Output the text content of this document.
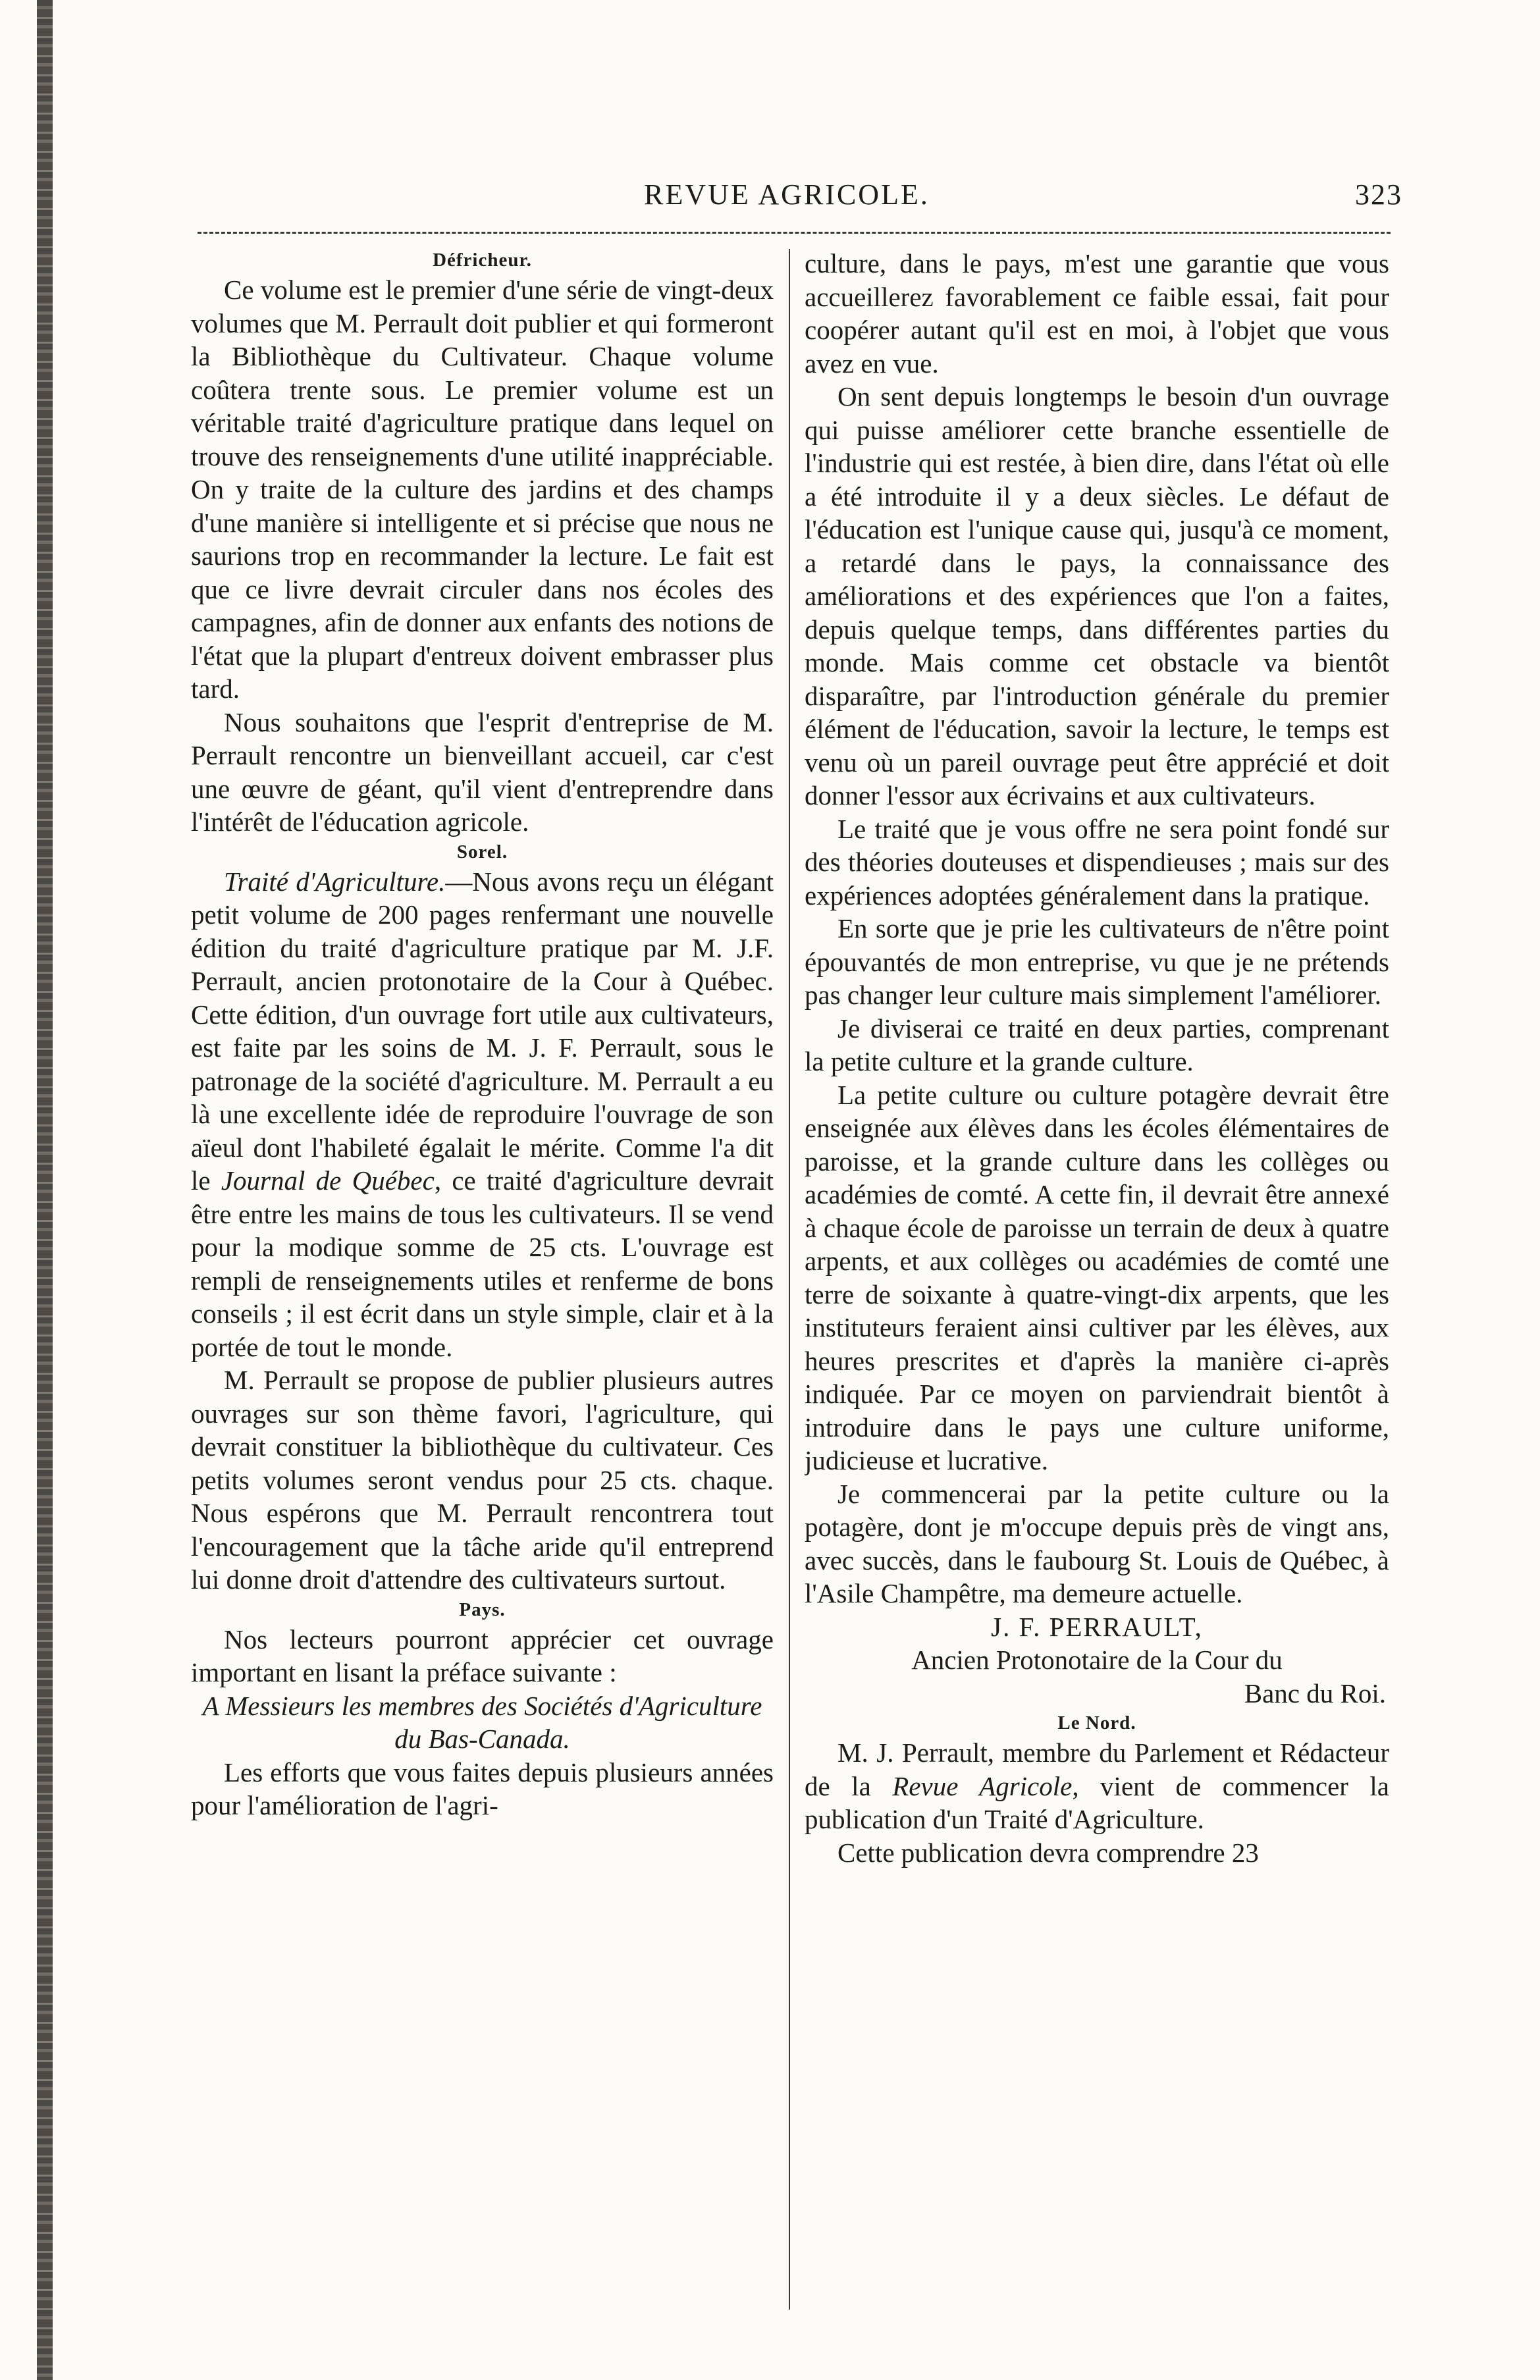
REVUE AGRICOLE.	323
Défricheur.

Ce volume est le premier d'une série de vingt-deux volumes que M. Perrault doit publier et qui formeront la Bibliothèque du Cultivateur. Chaque volume coûtera trente sous. Le premier volume est un véritable traité d'agriculture pratique dans lequel on trouve des renseignements d'une utilité inappréciable. On y traite de la culture des jardins et des champs d'une manière si intelligente et si précise que nous ne saurions trop en recommander la lecture. Le fait est que ce livre devrait circuler dans nos écoles des campagnes, afin de donner aux enfants des notions de l'état que la plupart d'entreux doivent embrasser plus tard.

Nous souhaitons que l'esprit d'entreprise de M. Perrault rencontre un bienveillant accueil, car c'est une œuvre de géant, qu'il vient d'entreprendre dans l'intérêt de l'éducation agricole.

Sorel.

Traité d'Agriculture.—Nous avons reçu un élégant petit volume de 200 pages renfermant une nouvelle édition du traité d'agriculture pratique par M. J.F. Perrault, ancien protonotaire de la Cour à Québec. Cette édition, d'un ouvrage fort utile aux cultivateurs, est faite par les soins de M. J. F. Perrault, sous le patronage de la société d'agriculture. M. Perrault a eu là une excellente idée de reproduire l'ouvrage de son aïeul dont l'habileté égalait le mérite. Comme l'a dit le Journal de Québec, ce traité d'agriculture devrait être entre les mains de tous les cultivateurs. Il se vend pour la modique somme de 25 cts. L'ouvrage est rempli de renseignements utiles et renferme de bons conseils ; il est écrit dans un style simple, clair et à la portée de tout le monde.

M. Perrault se propose de publier plusieurs autres ouvrages sur son thème favori, l'agriculture, qui devrait constituer la bibliothèque du cultivateur. Ces petits volumes seront vendus pour 25 cts. chaque. Nous espérons que M. Perrault rencontrera tout l'encouragement que la tâche aride qu'il entreprend lui donne droit d'attendre des cultivateurs surtout.

Pays.

Nos lecteurs pourront apprécier cet ouvrage important en lisant la préface suivante :

A Messieurs les membres des Sociétés d'Agriculture du Bas-Canada.

Les efforts que vous faites depuis plusieurs années pour l'amélioration de l'agri-

culture, dans le pays, m'est une garantie que vous accueillerez favorablement ce faible essai, fait pour coopérer autant qu'il est en moi, à l'objet que vous avez en vue.

On sent depuis longtemps le besoin d'un ouvrage qui puisse améliorer cette branche essentielle de l'industrie qui est restée, à bien dire, dans l'état où elle a été introduite il y a deux siècles. Le défaut de l'éducation est l'unique cause qui, jusqu'à ce moment, a retardé dans le pays, la connaissance des améliorations et des expériences que l'on a faites, depuis quelque temps, dans différentes parties du monde. Mais comme cet obstacle va bientôt disparaître, par l'introduction générale du premier élément de l'éducation, savoir la lecture, le temps est venu où un pareil ouvrage peut être apprécié et doit donner l'essor aux écrivains et aux cultivateurs.

Le traité que je vous offre ne sera point fondé sur des théories douteuses et dispendieuses ; mais sur des expériences adoptées généralement dans la pratique.

En sorte que je prie les cultivateurs de n'être point épouvantés de mon entreprise, vu que je ne prétends pas changer leur culture mais simplement l'améliorer.

Je diviserai ce traité en deux parties, comprenant la petite culture et la grande culture.

La petite culture ou culture potagère devrait être enseignée aux élèves dans les écoles élémentaires de paroisse, et la grande culture dans les collèges ou académies de comté. A cette fin, il devrait être annexé à chaque école de paroisse un terrain de deux à quatre arpents, et aux collèges ou académies de comté une terre de soixante à quatre-vingt-dix arpents, que les instituteurs feraient ainsi cultiver par les élèves, aux heures prescrites et d'après la manière ci-après indiquée. Par ce moyen on parviendrait bientôt à introduire dans le pays une culture uniforme, judicieuse et lucrative.

Je commencerai par la petite culture ou la potagère, dont je m'occupe depuis près de vingt ans, avec succès, dans le faubourg St. Louis de Québec, à l'Asile Champêtre, ma demeure actuelle.

J. F. PERRAULT,
Ancien Protonotaire de la Cour du
Banc du Roi.
Le Nord.

M. J. Perrault, membre du Parlement et Rédacteur de la Revue Agricole, vient de commencer la publication d'un Traité d'Agriculture.

Cette publication devra comprendre 23
